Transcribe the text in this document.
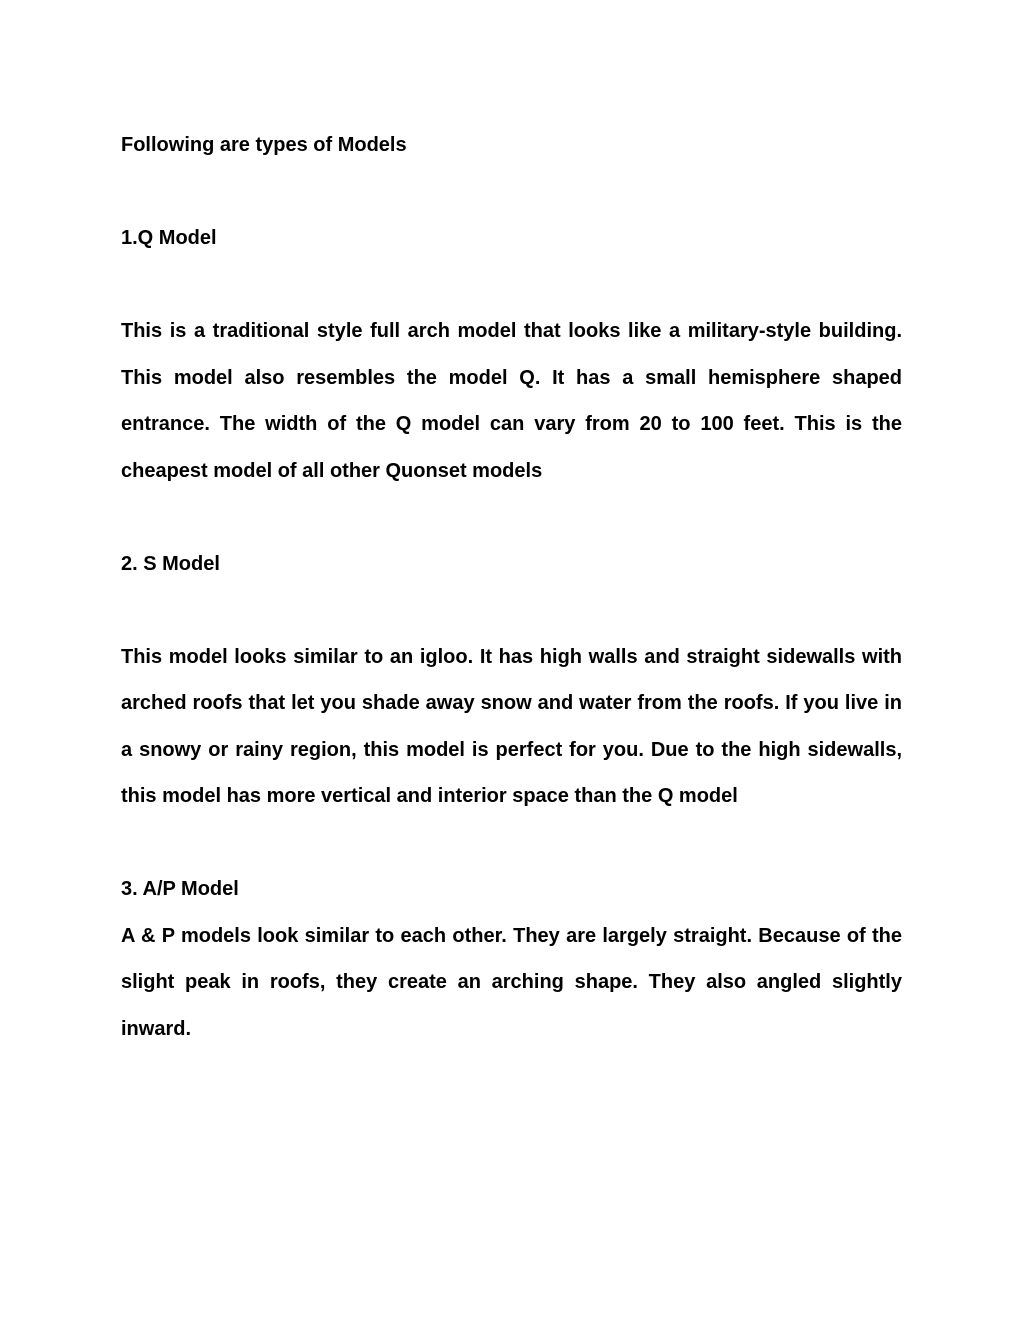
Following are types of Models

1.Q Model

This is a traditional style full arch model that looks like a military-style building. This model also resembles the model Q. It has a small hemisphere shaped entrance. The width of the Q model can vary from 20 to 100 feet. This is the cheapest model of all other Quonset models

2. S Model

This model looks similar to an igloo. It has high walls and straight sidewalls with arched roofs that let you shade away snow and water from the roofs. If you live in a snowy or rainy region, this model is perfect for you. Due to the high sidewalls, this model has more vertical and interior space than the Q model

3. A/P Model

A & P models look similar to each other. They are largely straight. Because of the slight peak in roofs, they create an arching shape. They also angled slightly inward.
